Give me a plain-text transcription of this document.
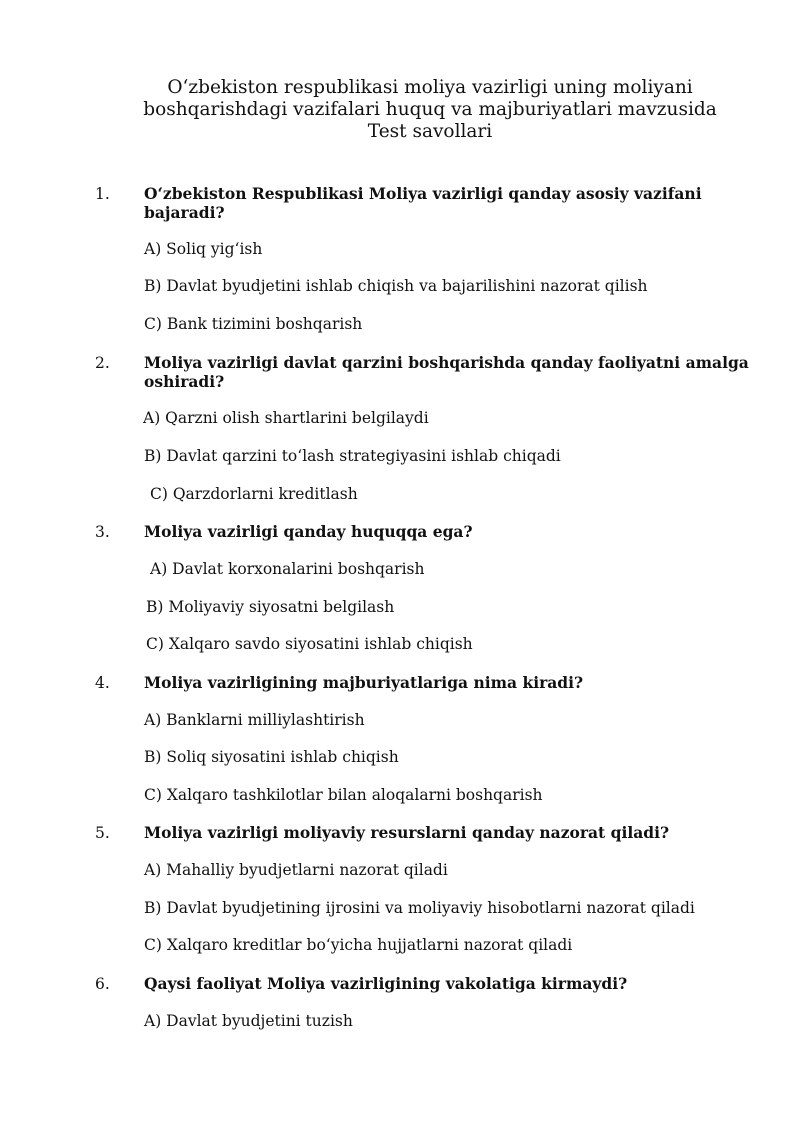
O‘zbekiston respublikasi moliya vazirligi uning moliyani
boshqarishdagi vazifalari huquq va majburiyatlari mavzusida
Test savollari
1. O‘zbekiston Respublikasi Moliya vazirligi qanday asosiy vazifani bajaradi?
A) Soliq yig‘ish
B) Davlat byudjetini ishlab chiqish va bajarilishini nazorat qilish
C) Bank tizimini boshqarish
2. Moliya vazirligi davlat qarzini boshqarishda qanday faoliyatni amalga oshiradi?
A) Qarzni olish shartlarini belgilaydi
B) Davlat qarzini to‘lash strategiyasini ishlab chiqadi
C) Qarzdorlarni kreditlash
3. Moliya vazirligi qanday huquqqa ega?
A) Davlat korxonalarini boshqarish
B) Moliyaviy siyosatni belgilash
C) Xalqaro savdo siyosatini ishlab chiqish
4. Moliya vazirligining majburiyatlariga nima kiradi?
A) Banklarni milliylashtirish
B) Soliq siyosatini ishlab chiqish
C) Xalqaro tashkilotlar bilan aloqalarni boshqarish
5. Moliya vazirligi moliyaviy resurslarni qanday nazorat qiladi?
A) Mahalliy byudjetlarni nazorat qiladi
B) Davlat byudjetining ijrosini va moliyaviy hisobotlarni nazorat qiladi
C) Xalqaro kreditlar bo‘yicha hujjatlarni nazorat qiladi
6. Qaysi faoliyat Moliya vazirligining vakolatiga kirmaydi?
A) Davlat byudjetini tuzish
